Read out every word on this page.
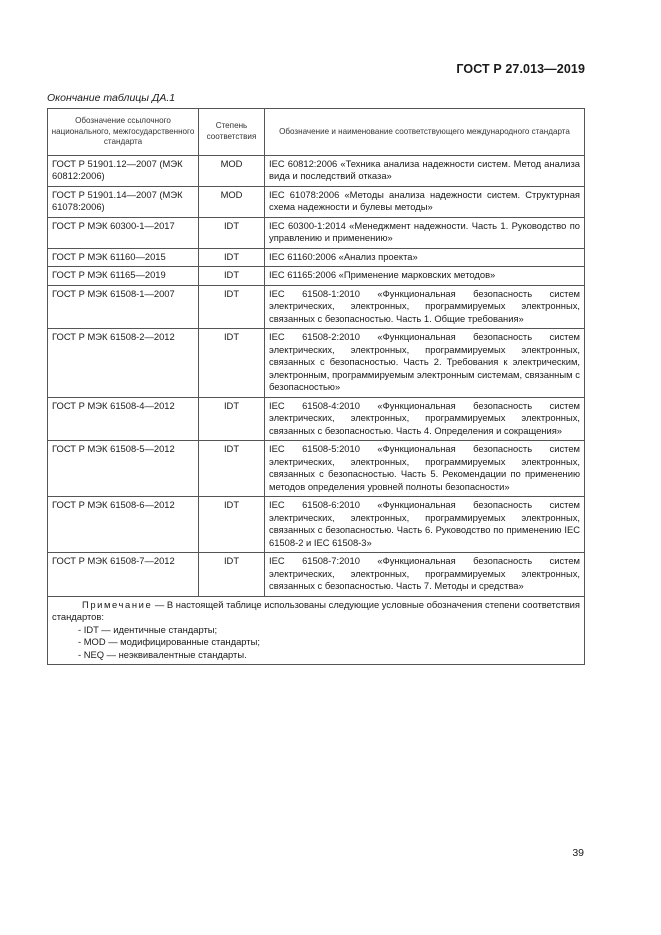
ГОСТ Р 27.013—2019
Окончание таблицы ДА.1
Обозначение ссылочного национального, межгосударственного стандарта	Степень соответствия	Обозначение и наименование соответствующего международного стандарта
ГОСТ Р 51901.12—2007 (МЭК 60812:2006)	MOD	IEC 60812:2006 «Техника анализа надежности систем. Метод анализа вида и последствий отказа»
ГОСТ Р 51901.14—2007 (МЭК 61078:2006)	MOD	IEC 61078:2006 «Методы анализа надежности систем. Структурная схема надежности и булевы методы»
ГОСТ Р МЭК 60300-1—2017	IDT	IEC 60300-1:2014 «Менеджмент надежности. Часть 1. Руководство по управлению и применению»
ГОСТ Р МЭК 61160—2015	IDT	IEC 61160:2006 «Анализ проекта»
ГОСТ Р МЭК 61165—2019	IDT	IEC 61165:2006 «Применение марковских методов»
ГОСТ Р МЭК 61508-1—2007	IDT	IEC 61508-1:2010 «Функциональная безопасность систем электрических, электронных, программируемых электронных, связанных с безопасностью. Часть 1. Общие требования»
ГОСТ Р МЭК 61508-2—2012	IDT	IEC 61508-2:2010 «Функциональная безопасность систем электрических, электронных, программируемых электронных, связанных с безопасностью. Часть 2. Требования к электрическим, электронным, программируемым электронным системам, связанным с безопасностью»
ГОСТ Р МЭК 61508-4—2012	IDT	IEC 61508-4:2010 «Функциональная безопасность систем электрических, электронных, программируемых электронных, связанных с безопасностью. Часть 4. Определения и сокращения»
ГОСТ Р МЭК 61508-5—2012	IDT	IEC 61508-5:2010 «Функциональная безопасность систем электрических, электронных, программируемых электронных, связанных с безопасностью. Часть 5. Рекомендации по применению методов определения уровней полноты безопасности»
ГОСТ Р МЭК 61508-6—2012	IDT	IEC 61508-6:2010 «Функциональная безопасность систем электрических, электронных, программируемых электронных, связанных с безопасностью. Часть 6. Руководство по применению IEC 61508-2 и IEC 61508-3»
ГОСТ Р МЭК 61508-7—2012	IDT	IEC 61508-7:2010 «Функциональная безопасность систем электрических, электронных, программируемых электронных, связанных с безопасностью. Часть 7. Методы и средства»

Примечание — В настоящей таблице использованы следующие условные обозначения степени соответствия стандартов:
- IDT — идентичные стандарты;
- MOD — модифицированные стандарты;
- NEQ — неэквивалентные стандарты.		
39
